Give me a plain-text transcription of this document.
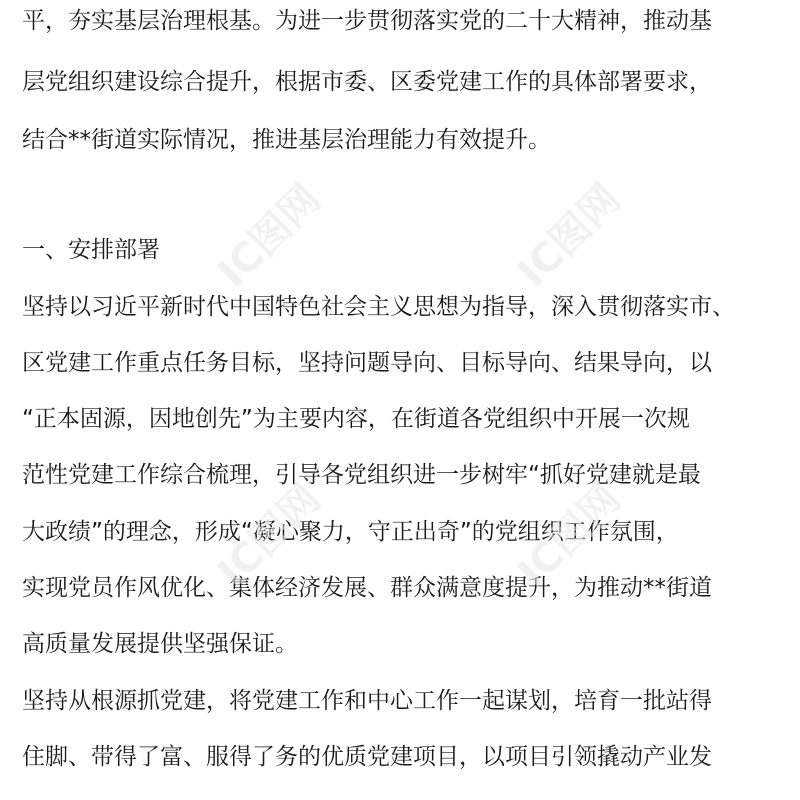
平，夯实基层治理根基。为进一步贯彻落实党的二十大精神，推动基
层党组织建设综合提升，根据市委、区委党建工作的具体部署要求，
结合**街道实际情况，推进基层治理能力有效提升。
一、安排部署
坚持以习近平新时代中国特色社会主义思想为指导，深入贯彻落实市、
区党建工作重点任务目标，坚持问题导向、目标导向、结果导向，以
“正本固源，因地创先”为主要内容，在街道各党组织中开展一次规
范性党建工作综合梳理，引导各党组织进一步树牢“抓好党建就是最
大政绩”的理念，形成“凝心聚力，守正出奇”的党组织工作氛围，
实现党员作风优化、集体经济发展、群众满意度提升，为推动**街道
高质量发展提供坚强保证。
坚持从根源抓党建，将党建工作和中心工作一起谋划，培育一批站得
住脚、带得了富、服得了务的优质党建项目，以项目引领撬动产业发
IC图网	IC图网
IC图网
IC图网
